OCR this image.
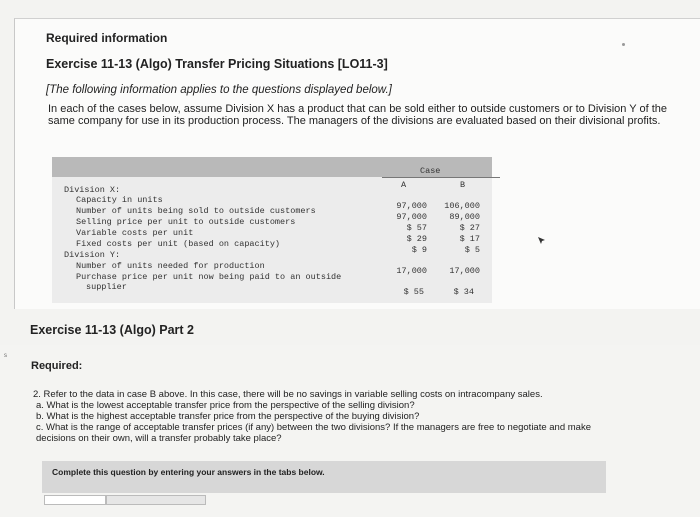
Required information
Exercise 11-13 (Algo) Transfer Pricing Situations [LO11-3]
[The following information applies to the questions displayed below.]
In each of the cases below, assume Division X has a product that can be sold either to outside customers or to Division Y of the same company for use in its production process. The managers of the divisions are evaluated based on their divisional profits.
Case
A	B
Division X:
Capacity in units
Number of units being sold to outside customers
Selling price per unit to outside customers
Variable costs per unit
Fixed costs per unit (based on capacity)
Division Y:
Number of units needed for production
Purchase price per unit now being paid to an outside
supplier
97,000
97,000
$ 57
$ 29
$ 9
17,000
$ 55
106,000
89,000
$ 27
$ 17
$ 5
17,000
$ 34
s
Exercise 11-13 (Algo) Part 2
Required:
2. Refer to the data in case B above. In this case, there will be no savings in variable selling costs on intracompany sales.
a. What is the lowest acceptable transfer price from the perspective of the selling division?
b. What is the highest acceptable transfer price from the perspective of the buying division?
c. What is the range of acceptable transfer prices (if any) between the two divisions? If the managers are free to negotiate and make
decisions on their own, will a transfer probably take place?
Complete this question by entering your answers in the tabs below.
